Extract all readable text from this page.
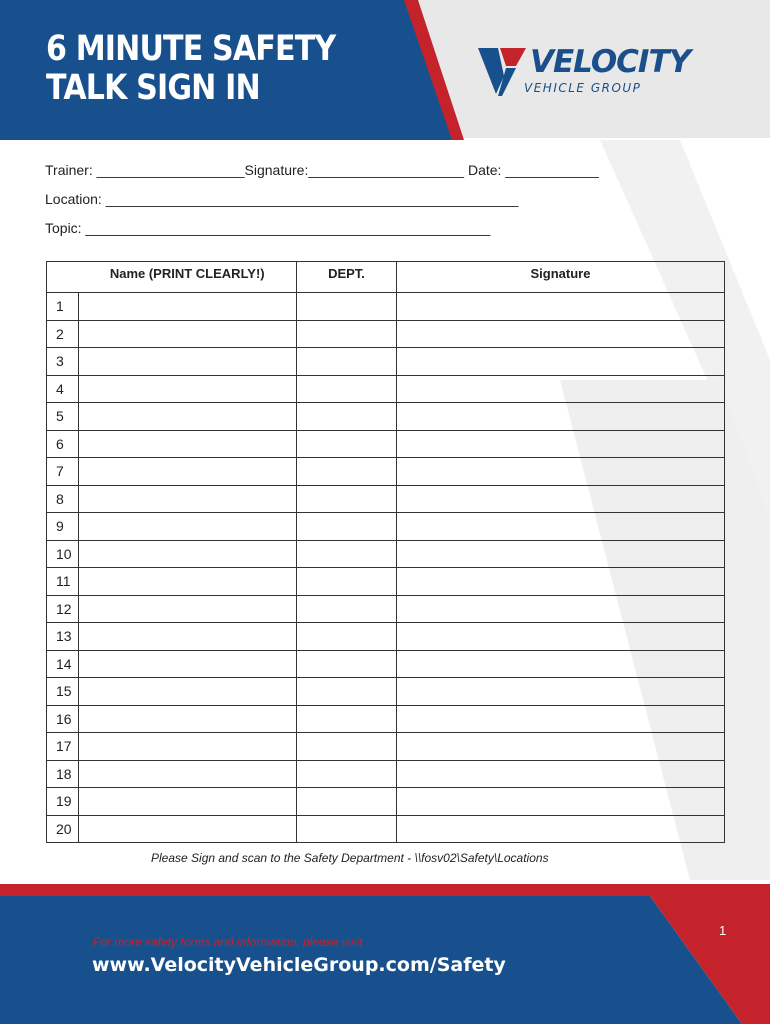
6 MINUTE SAFETY
TALK SIGN IN
VELOCITY
VEHICLE GROUP
Trainer: ___________________Signature:____________________ Date: ____________
Location: _____________________________________________________
Topic: ____________________________________________________
	Name (PRINT CLEARLY!)	DEPT.	Signature
1			
2			
3			
4			
5			
6			
7			
8			
9			
10			
11			
12			
13			
14			
15			
16			
17			
18			
19			
20			
Please Sign and scan to the Safety Department - \\fosv02\Safety\Locations
For more safety forms and information, please visit
www.VelocityVehicleGroup.com/Safety
1
